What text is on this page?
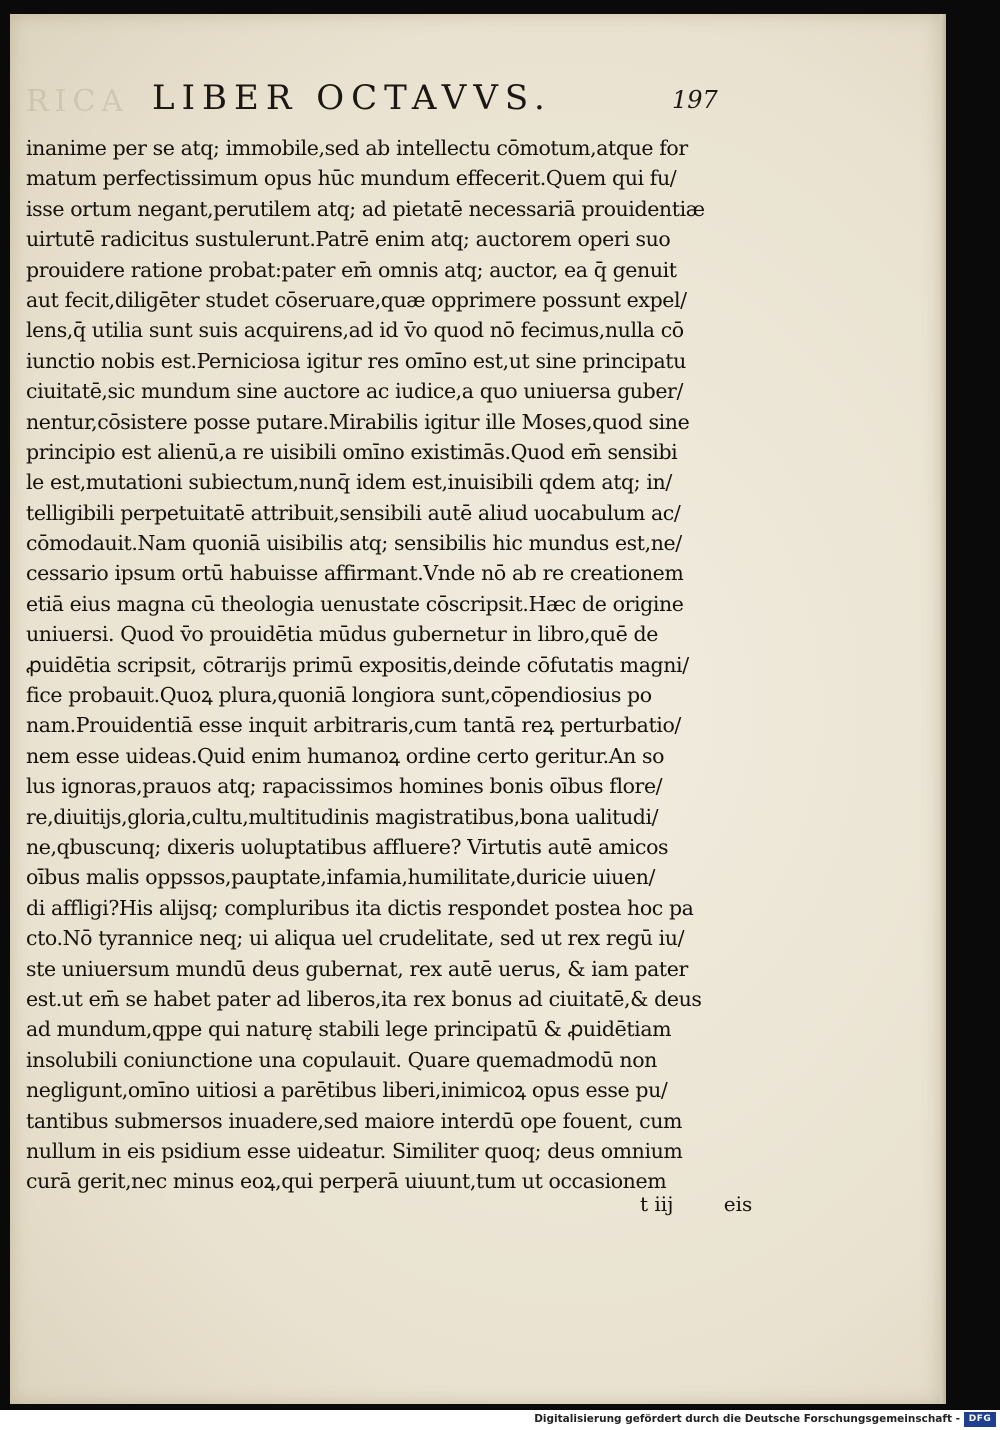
RICA LIBER OCTAVVS.	197
inanime per se atq; immobile,sed ab intellectu cōmotum,atque for
matum perfectissimum opus hūc mundum effecerit.Quem qui fu/
isse ortum negant,perutilem atq; ad pietatē necessariā prouidentiæ
uirtutē radicitus sustulerunt.Patrē enim atq; auctorem operi suo
prouidere ratione probat:pater em̄ omnis atq; auctor, ea q̄ genuit
aut fecit,diligēter studet cōseruare,quæ opprimere possunt expel/
lens,q̄ utilia sunt suis acquirens,ad id v̄o quod nō fecimus,nulla cō
iunctio nobis est.Perniciosa igitur res omīno est,ut sine principatu
ciuitatē,sic mundum sine auctore ac iudice,a quo uniuersa guber/
nentur,cōsistere posse putare.Mirabilis igitur ille Moses,quod sine
principio est alienū,a re uisibili omīno existimās.Quod em̄ sensibi
le est,mutationi subiectum,nunq̄ idem est,inuisibili qdem atq; in/
telligibili perpetuitatē attribuit,sensibili autē aliud uocabulum ac/
cōmodauit.Nam quoniā uisibilis atq; sensibilis hic mundus est,ne/
cessario ipsum ortū habuisse affirmant.Vnde nō ab re creationem
etiā eius magna cū theologia uenustate cōscripsit.Hæc de origine
uniuersi. Quod v̄o prouidētia mūdus gubernetur in libro,quē de
ꝓuidētia scripsit, cōtrarijs primū expositis,deinde cōfutatis magni/
fice probauit.Quoꝝ plura,quoniā longiora sunt,cōpendiosius po
nam.Prouidentiā esse inquit arbitraris,cum tantā reꝝ perturbatio/
nem esse uideas.Quid enim humanoꝝ ordine certo geritur.An so
lus ignoras,prauos atq; rapacissimos homines bonis oībus flore/
re,diuitijs,gloria,cultu,multitudinis magistratibus,bona ualitudi/
ne,qbuscunq; dixeris uoluptatibus affluere? Virtutis autē amicos
oībus malis oppssos,pauptate,infamia,humilitate,duricie uiuen/
di affligi?His alijsq; compluribus ita dictis respondet postea hoc pa
cto.Nō tyrannice neq; ui aliqua uel crudelitate, sed ut rex regū iu/
ste uniuersum mundū deus gubernat, rex autē uerus, & iam pater
est.ut em̄ se habet pater ad liberos,ita rex bonus ad ciuitatē,& deus
ad mundum,qppe qui naturę stabili lege principatū & ꝓuidētiam
insolubili coniunctione una copulauit. Quare quemadmodū non
negligunt,omīno uitiosi a parētibus liberi,inimicoꝝ opus esse pu/
tantibus submersos inuadere,sed maiore interdū ope fouent, cum
nullum in eis psidium esse uideatur. Similiter quoq; deus omnium
curā gerit,nec minus eoꝝ,qui perperā uiuunt,tum ut occasionem
t iij	eis
Digitalisierung gefördert durch die Deutsche Forschungsgemeinschaft - DFG
